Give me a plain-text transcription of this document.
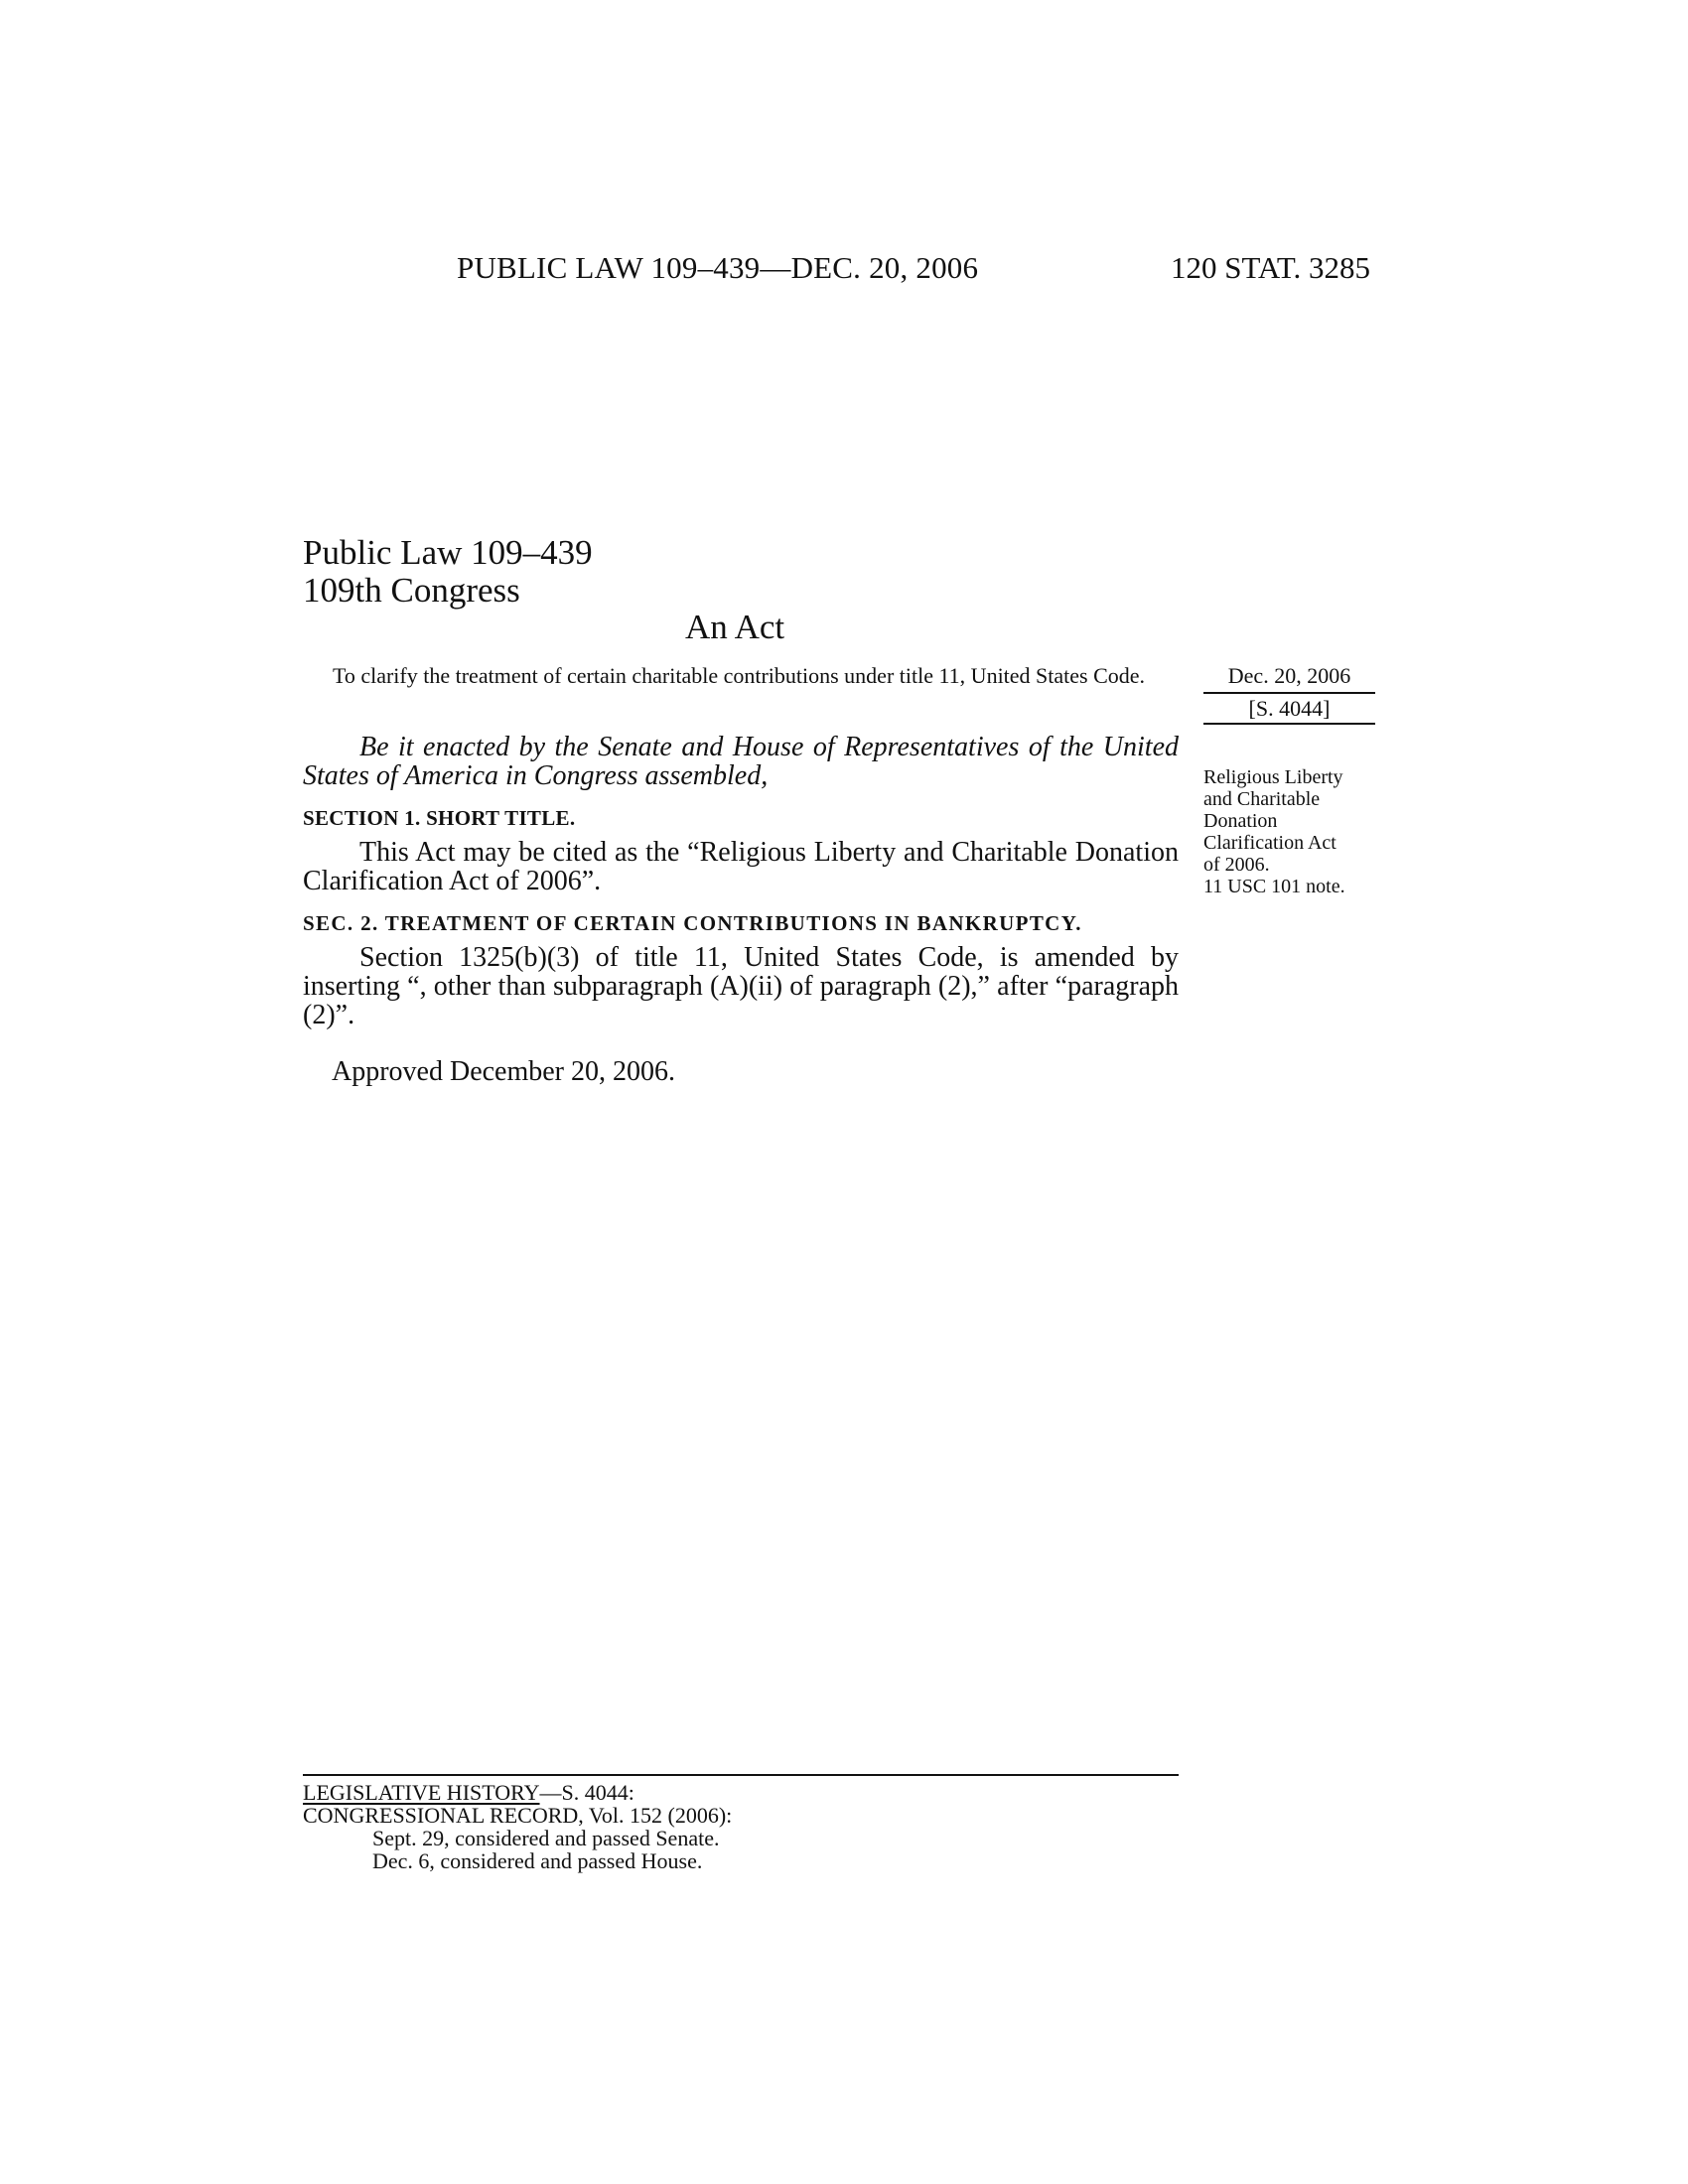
PUBLIC LAW 109–439—DEC. 20, 2006	120 STAT. 3285
Public Law 109–439
109th Congress
An Act
To clarify the treatment of certain charitable contributions under title 11, United States Code.	Dec. 20, 2006
[S. 4044]
Be it enacted by the Senate and House of Representatives of the United States of America in Congress assembled,
SECTION 1. SHORT TITLE.
This Act may be cited as the “Religious Liberty and Charitable Donation Clarification Act of 2006”.
SEC. 2. TREATMENT OF CERTAIN CONTRIBUTIONS IN BANKRUPTCY.
Section 1325(b)(3) of title 11, United States Code, is amended by inserting “, other than subparagraph (A)(ii) of paragraph (2),” after “paragraph (2)”.
Approved December 20, 2006.
Religious Liberty
and Charitable
Donation
Clarification Act
of 2006.
11 USC 101 note.
LEGISLATIVE HISTORY—S. 4044:
CONGRESSIONAL RECORD, Vol. 152 (2006):
Sept. 29, considered and passed Senate.
Dec. 6, considered and passed House.
